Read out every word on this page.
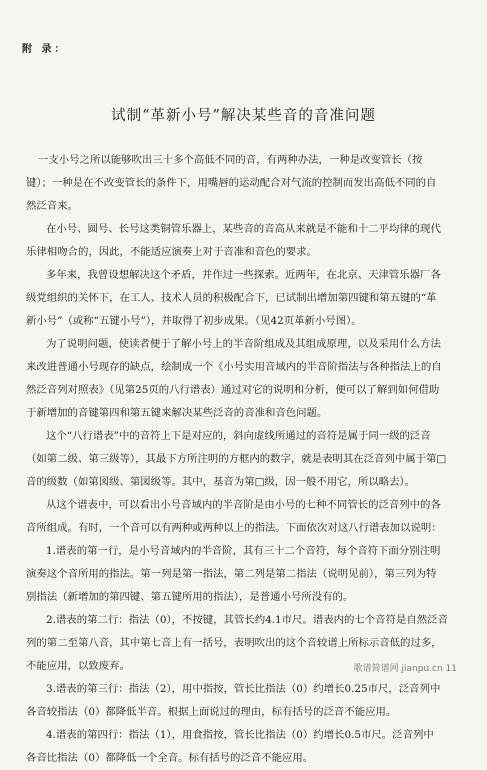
附 录：
试制“革新小号”解决某些音的音准问题
一支小号之所以能够吹出三十多个高低不同的音，有两种办法，一种是改变管长（按
键）；一种是在不改变管长的条件下，用嘴唇的运动配合对气流的控制而发出高低不同的自
然泛音来。
在小号、圆号、长号这类铜管乐器上，某些音的音高从来就是不能和十二平均律的现代
乐律相吻合的，因此，不能适应演奏上对于音准和音色的要求。
多年来，我曾设想解决这个矛盾，并作过一些探索。近两年，在北京、天津管乐器厂各
级党组织的关怀下，在工人、技术人员的积极配合下，已试制出增加第四键和第五键的“革
新小号”（或称“五键小号”），并取得了初步成果。（见42页革新小号图）。
为了说明问题，使读者便于了解小号上的半音阶组成及其组成原理，以及采用什么方法
来改进普通小号现存的缺点，绘制成一个《小号实用音域内的半音阶指法与各种指法上的自
然泛音列对照表》（见第25页的八行谱表）通过对它的说明和分析，便可以了解到如何借助
于新增加的音键第四和第五键来解决某些泛音的音准和音色问题。
这个“八行谱表”中的音符上下是对应的，斜向虚线所通过的音符是属于同一级的泛音
（如第二级、第三级等），其最下方所注明的方框内的数字，就是表明其在泛音列中属于第□
音的级数（如第図级、第図级等。其中，基音为第□级，因一般不用它，所以略去）。
从这个谱表中，可以看出小号音域内的半音阶是由小号的七种不同管长的泛音列中的各
音所组成。有时，一个音可以有两种或两种以上的指法。下面依次对这八行谱表加以说明：
1.谱表的第一行，是小号音域内的半音阶，其有三十二个音符，每个音符下面分别注明
演奏这个音所用的指法。第一列是第一指法，第二列是第二指法（说明见前），第三列为特
别指法（新增加的第四键、第五键所用的指法），是普通小号所没有的。
2.谱表的第二行：指法（0），不按键，其管长约4.1市尺。谱表内的七个音符是自然泛音
列的第二至第八音，其中第七音上有一括号，表明吹出的这个音较谱上所标示音低的过多，
不能应用，以致废弃。
3.谱表的第三行：指法（2），用中指按，管长比指法（0）约增长0.25市尺，泛音列中
各音较指法（0）都降低半音。根据上面说过的理由，标有括号的泛音不能应用。
4.谱表的第四行：指法（1），用食指按，管长比指法（0）约增长0.5市尺。泛音列中
各音比指法（0）都降低一个全音。标有括号的泛音不能应用。
歌谱简谱网 jianpu.cn 11
